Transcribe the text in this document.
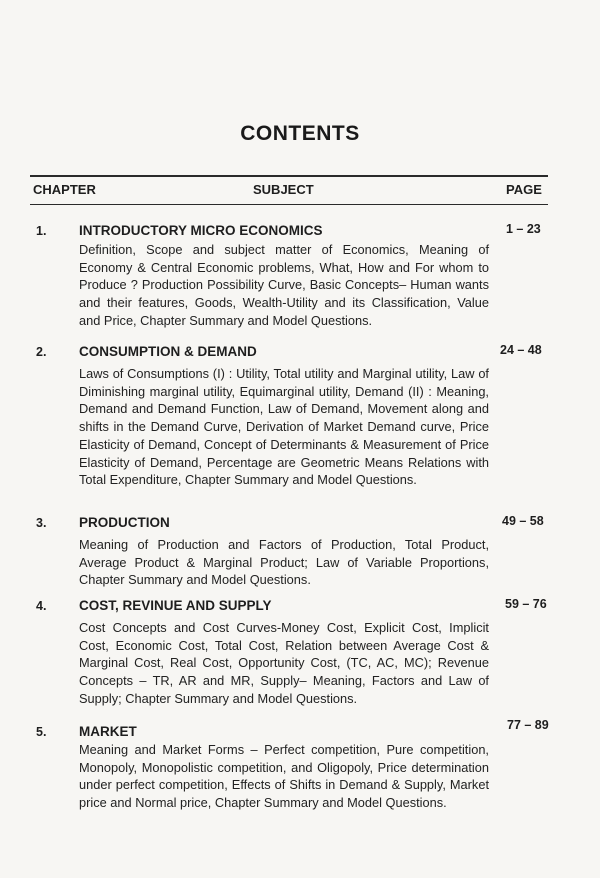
CONTENTS
CHAPTER	SUBJECT	PAGE
1. INTRODUCTORY MICRO ECONOMICS	1 – 23
Definition, Scope and subject matter of Economics, Meaning of Economy & Central Economic problems, What, How and For whom to Produce ? Production Possibility Curve, Basic Concepts– Human wants and their features, Goods, Wealth-Utility and its Classification, Value and Price, Chapter Summary and Model Questions.
2. CONSUMPTION & DEMAND	24 – 48
Laws of Consumptions (I) : Utility, Total utility and Marginal utility, Law of Diminishing marginal utility, Equimarginal utility, Demand (II) : Meaning, Demand and Demand Function, Law of Demand, Movement along and shifts in the Demand Curve, Derivation of Market Demand curve, Price Elasticity of Demand, Concept of Determinants & Measurement of Price Elasticity of Demand, Percentage are Geometric Means Relations with Total Expenditure, Chapter Summary and Model Questions.
3. PRODUCTION	49 – 58
Meaning of Production and Factors of Production, Total Product, Average Product & Marginal Product; Law of Variable Proportions, Chapter Summary and Model Questions.
4. COST, REVINUE AND SUPPLY	59 – 76
Cost Concepts and Cost Curves-Money Cost, Explicit Cost, Implicit Cost, Economic Cost, Total Cost, Relation between Average Cost & Marginal Cost, Real Cost, Opportunity Cost, (TC, AC, MC); Revenue Concepts – TR, AR and MR, Supply– Meaning, Factors and Law of Supply; Chapter Summary and Model Questions.
5. MARKET	77 – 89
Meaning and Market Forms – Perfect competition, Pure competition, Monopoly, Monopolistic competition, and Oligopoly, Price determination under perfect competition, Effects of Shifts in Demand & Supply, Market price and Normal price, Chapter Summary and Model Questions.
